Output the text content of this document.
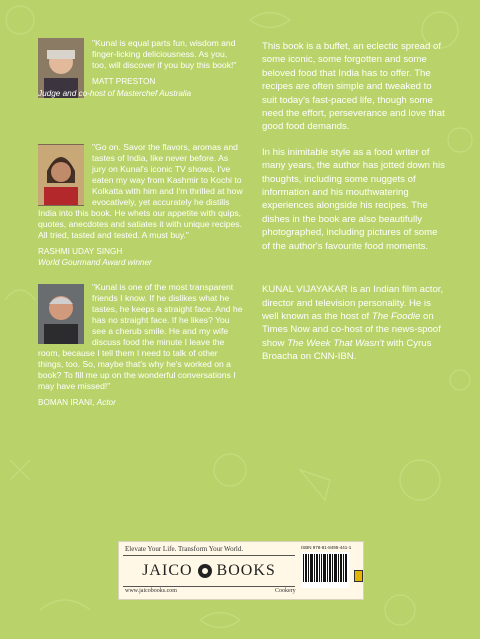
"Kunal is equal parts fun, wisdom and finger-licking deliciousness. As you, too, will discover if you buy this book!"

MATT PRESTON
Judge and co-host of Masterchef Australia

"Go on. Savor the flavors, aromas and tastes of India, like never before. As jury on Kunal's iconic TV shows, I've eaten my way from Kashmir to Kochi to Kolkatta with him and I'm thrilled at how evocatively, yet accurately he distills India into this book. He whets our appetite with quips, quotes, anecdotes and satiates it with unique recipes. All tried, tasted and tested. A must buy."

RASHMI UDAY SINGH
World Gourmand Award winner

"Kunal is one of the most transparent friends I know. If he dislikes what he tastes, he keeps a straight face. And he has no straight face. If he likes? You see a cherub smile. He and my wife discuss food the minute I leave the room, because I tell them I need to talk of other things, too. So, maybe that's why he's worked on a book? To fill me up on the wonderful conversations I may have missed!"

BOMAN IRANI, Actor

This book is a buffet, an eclectic spread of some iconic, some forgotten and some beloved food that India has to offer. The recipes are often simple and tweaked to suit today's fast-paced life, though some need the effort, perseverance and love that good food demands.

In his inimitable style as a food writer of many years, the author has jotted down his thoughts, including some nuggets of information and his mouthwatering experiences alongside his recipes. The dishes in the book are also beautifully photographed, including pictures of some of the author's favourite food moments.

KUNAL VIJAYAKAR is an Indian film actor, director and television personality. He is well known as the host of The Foodie on Times Now and co-host of the news-spoof show The Week That Wasn't with Cyrus Broacha on CNN-IBN.

Elevate Your Life. Transform Your World.
JAICO BOOKS
www.jaicobooks.com	Cookery
ISBN 978-81-8495-441-1
